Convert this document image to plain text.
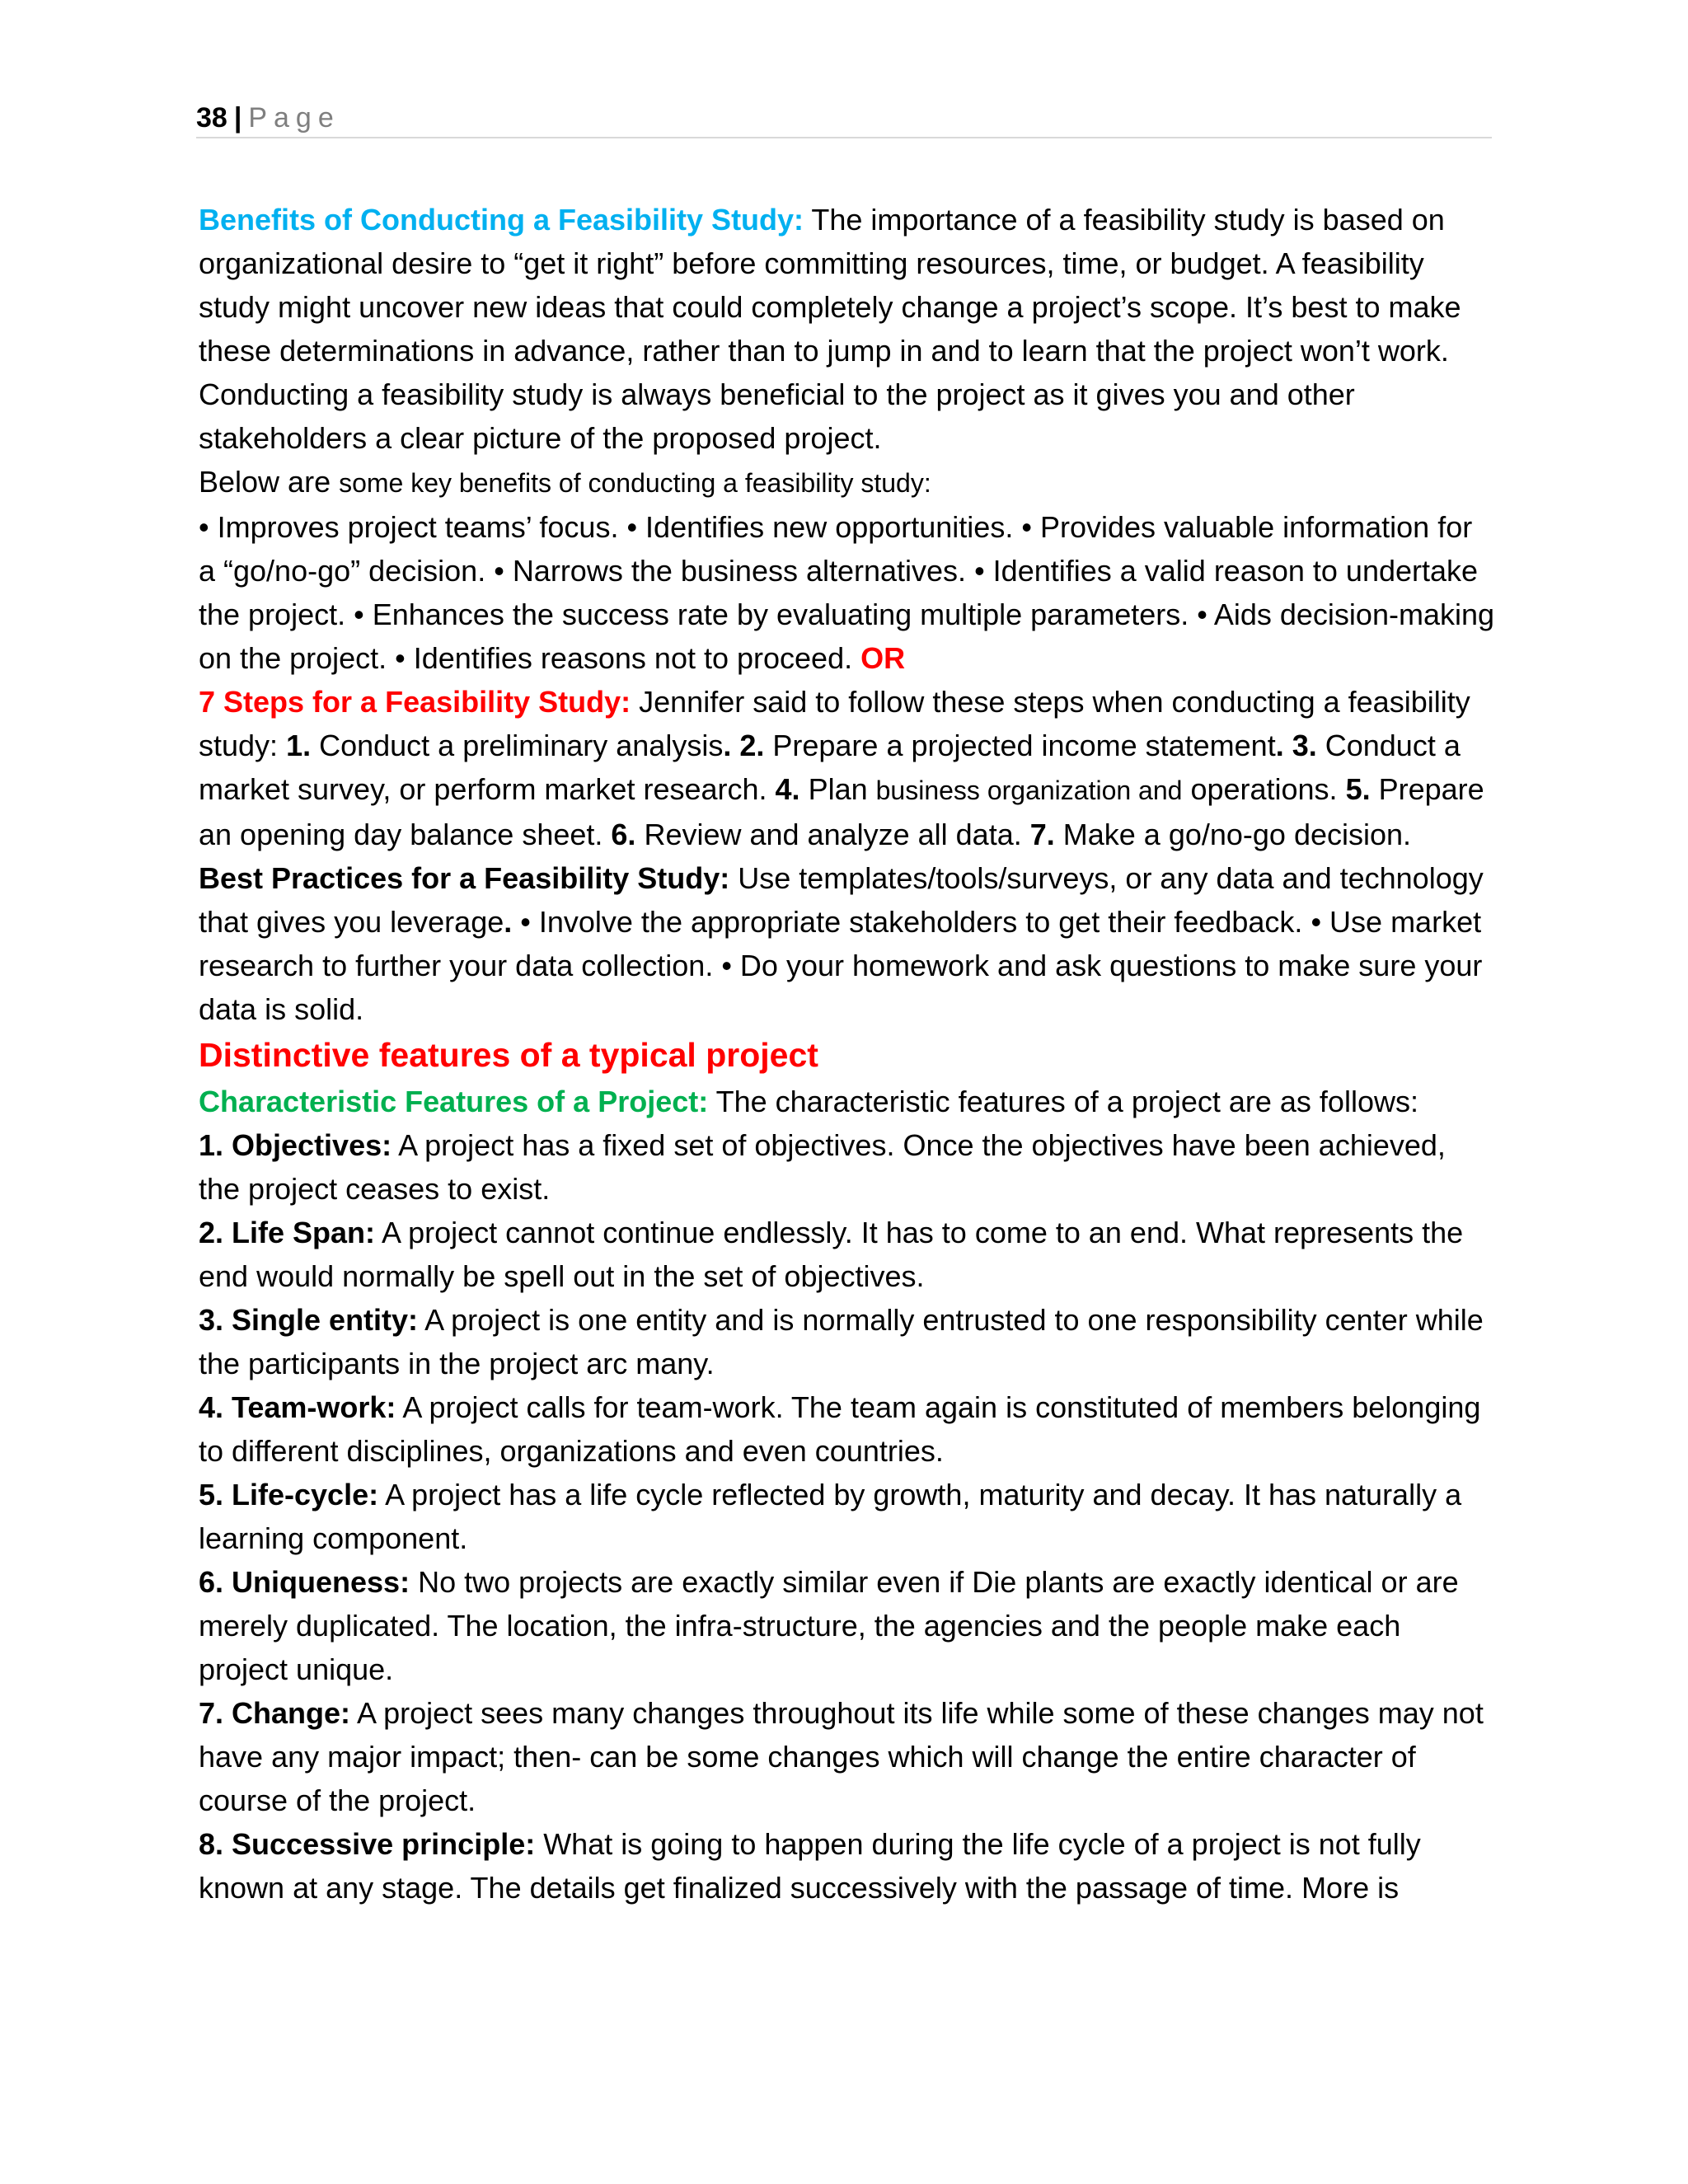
38 | Page

Benefits of Conducting a Feasibility Study: The importance of a feasibility study is based on organizational desire to “get it right” before committing resources, time, or budget. A feasibility study might uncover new ideas that could completely change a project’s scope. It’s best to make these determinations in advance, rather than to jump in and to learn that the project won’t work. Conducting a feasibility study is always beneficial to the project as it gives you and other stakeholders a clear picture of the proposed project.

Below are some key benefits of conducting a feasibility study:

• Improves project teams’ focus. • Identifies new opportunities. • Provides valuable information for a “go/no-go” decision. • Narrows the business alternatives. • Identifies a valid reason to undertake the project. • Enhances the success rate by evaluating multiple parameters. • Aids decision-making on the project. • Identifies reasons not to proceed. OR

7 Steps for a Feasibility Study: Jennifer said to follow these steps when conducting a feasibility study: 1. Conduct a preliminary analysis. 2. Prepare a projected income statement. 3. Conduct a market survey, or perform market research. 4. Plan business organization and operations. 5. Prepare an opening day balance sheet. 6. Review and analyze all data. 7. Make a go/no-go decision.

Best Practices for a Feasibility Study: Use templates/tools/surveys, or any data and technology that gives you leverage. • Involve the appropriate stakeholders to get their feedback. • Use market research to further your data collection. • Do your homework and ask questions to make sure your data is solid.

Distinctive features of a typical project

Characteristic Features of a Project: The characteristic features of a project are as follows:

1. Objectives: A project has a fixed set of objectives. Once the objectives have been achieved, the project ceases to exist.

2. Life Span: A project cannot continue endlessly. It has to come to an end. What represents the end would normally be spell out in the set of objectives.

3. Single entity: A project is one entity and is normally entrusted to one responsibility center while the participants in the project arc many.

4. Team-work: A project calls for team-work. The team again is constituted of members belonging to different disciplines, organizations and even countries.

5. Life-cycle: A project has a life cycle reflected by growth, maturity and decay. It has naturally a learning component.

6. Uniqueness: No two projects are exactly similar even if Die plants are exactly identical or are merely duplicated. The location, the infra-structure, the agencies and the people make each project unique.

7. Change: A project sees many changes throughout its life while some of these changes may not have any major impact; then- can be some changes which will change the entire character of course of the project.

8. Successive principle: What is going to happen during the life cycle of a project is not fully known at any stage. The details get finalized successively with the passage of time. More is
